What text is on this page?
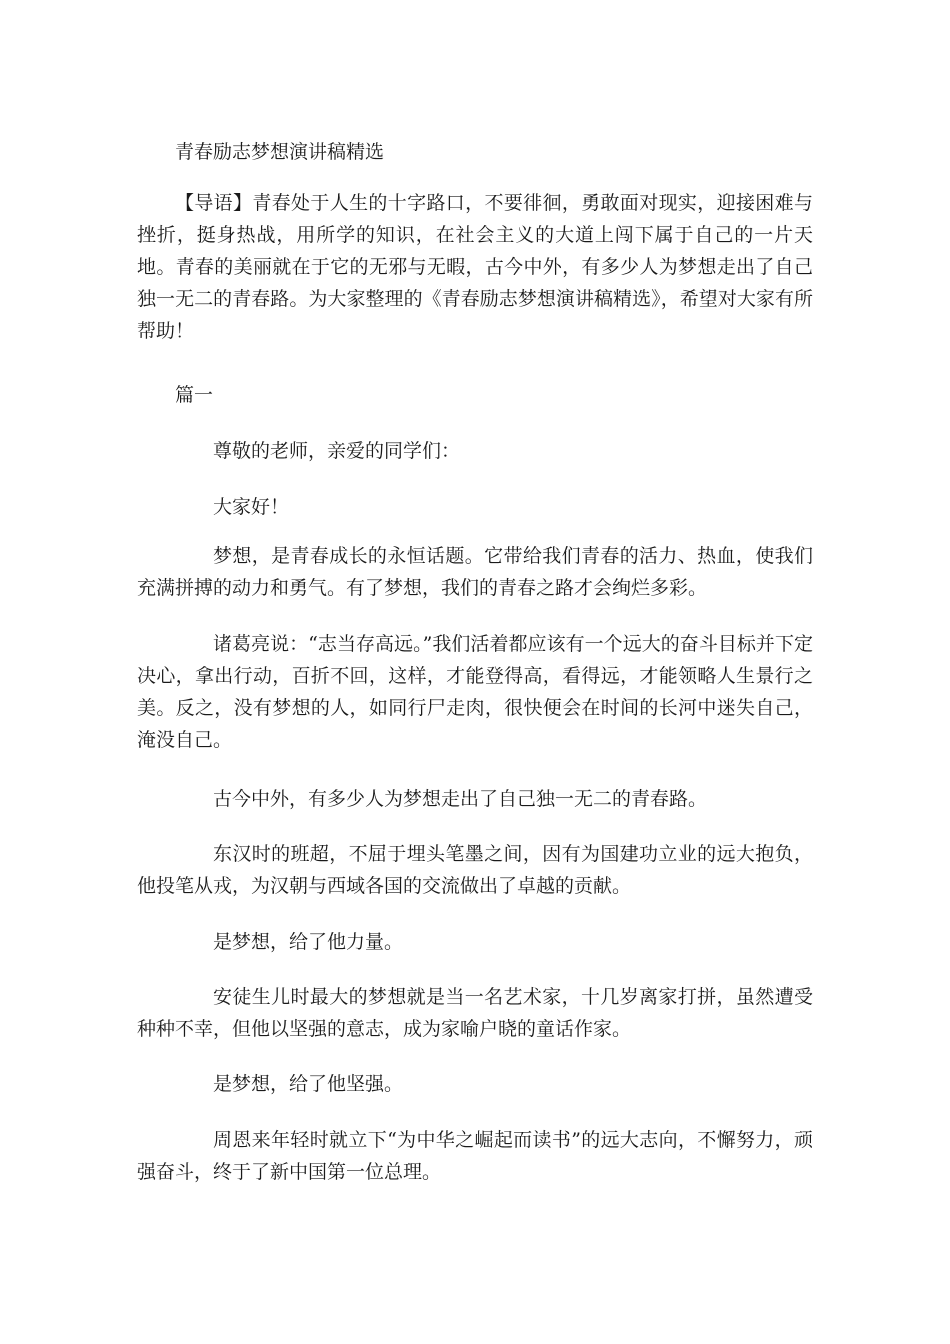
青春励志梦想演讲稿精选

【导语】青春处于人生的十字路口，不要徘徊，勇敢面对现实，迎接困难与挫折，挺身热战，用所学的知识，在社会主义的大道上闯下属于自己的一片天地。青春的美丽就在于它的无邪与无暇，古今中外，有多少人为梦想走出了自己独一无二的青春路。为大家整理的《青春励志梦想演讲稿精选》，希望对大家有所帮助！

篇一

尊敬的老师，亲爱的同学们：

大家好！

梦想，是青春成长的永恒话题。它带给我们青春的活力、热血，使我们充满拼搏的动力和勇气。有了梦想，我们的青春之路才会绚烂多彩。

诸葛亮说：“志当存高远。”我们活着都应该有一个远大的奋斗目标并下定决心，拿出行动，百折不回，这样，才能登得高，看得远，才能领略人生景行之美。反之，没有梦想的人，如同行尸走肉，很快便会在时间的长河中迷失自己，淹没自己。

古今中外，有多少人为梦想走出了自己独一无二的青春路。

东汉时的班超，不屈于埋头笔墨之间，因有为国建功立业的远大抱负，他投笔从戎，为汉朝与西域各国的交流做出了卓越的贡献。

是梦想，给了他力量。

安徒生儿时最大的梦想就是当一名艺术家，十几岁离家打拼，虽然遭受种种不幸，但他以坚强的意志，成为家喻户晓的童话作家。

是梦想，给了他坚强。

周恩来年轻时就立下“为中华之崛起而读书”的远大志向，不懈努力，顽强奋斗，终于了新中国第一位总理。
